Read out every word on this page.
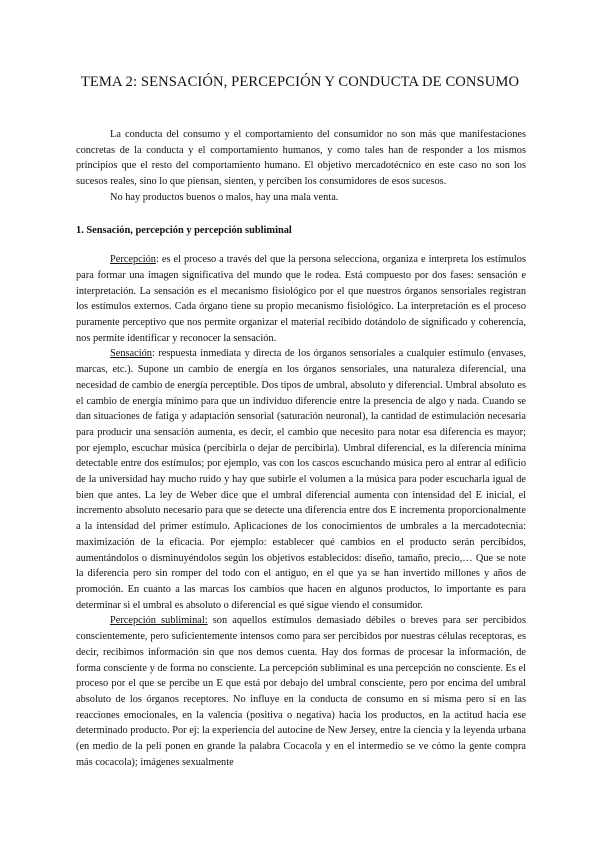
TEMA 2: SENSACIÓN, PERCEPCIÓN Y CONDUCTA DE CONSUMO

La conducta del consumo y el comportamiento del consumidor no son más que manifestaciones concretas de la conducta y el comportamiento humanos, y como tales han de responder a los mismos principios que el resto del comportamiento humano. El objetivo mercadotécnico en este caso no son los sucesos reales, sino lo que piensan, sienten, y perciben los consumidores de esos sucesos.

No hay productos buenos o malos, hay una mala venta.

1. Sensación, percepción y percepción subliminal

Percepción: es el proceso a través del que la persona selecciona, organiza e interpreta los estímulos para formar una imagen significativa del mundo que le rodea. Está compuesto por dos fases: sensación e interpretación. La sensación es el mecanismo fisiológico por el que nuestros órganos sensoriales registran los estímulos externos. Cada órgano tiene su propio mecanismo fisiológico. La interpretación es el proceso puramente perceptivo que nos permite organizar el material recibido dotándolo de significado y coherencia, nos permite identificar y reconocer la sensación.

Sensación: respuesta inmediata y directa de los órganos sensoriales a cualquier estímulo (envases, marcas, etc.). Supone un cambio de energía en los órganos sensoriales, una naturaleza diferencial, una necesidad de cambio de energía perceptible. Dos tipos de umbral, absoluto y diferencial. Umbral absoluto es el cambio de energía mínimo para que un individuo diferencie entre la presencia de algo y nada. Cuando se dan situaciones de fatiga y adaptación sensorial (saturación neuronal), la cantidad de estimulación necesaria para producir una sensación aumenta, es decir, el cambio que necesito para notar esa diferencia es mayor; por ejemplo, escuchar música (percibirla o dejar de percibirla). Umbral diferencial, es la diferencia mínima detectable entre dos estímulos; por ejemplo, vas con los cascos escuchando música pero al entrar al edificio de la universidad hay mucho ruido y hay que subirle el volumen a la música para poder escucharla igual de bien que antes. La ley de Weber dice que el umbral diferencial aumenta con intensidad del E inicial, el incremento absoluto necesario para que se detecte una diferencia entre dos E incrementa proporcionalmente a la intensidad del primer estímulo. Aplicaciones de los conocimientos de umbrales a la mercadotecnia: maximización de la eficacia. Por ejemplo: establecer qué cambios en el producto serán percibidos, aumentándolos o disminuyéndolos según los objetivos establecidos: diseño, tamaño, precio,… Que se note la diferencia pero sin romper del todo con el antiguo, en el que ya se han invertido millones y años de promoción. En cuanto a las marcas los cambios que hacen en algunos productos, lo importante es para determinar si el umbral es absoluto o diferencial es qué sigue viendo el consumidor.

Percepción subliminal: son aquellos estímulos demasiado débiles o breves para ser percibidos conscientemente, pero suficientemente intensos como para ser percibidos por nuestras células receptoras, es decir, recibimos información sin que nos demos cuenta. Hay dos formas de procesar la información, de forma consciente y de forma no consciente. La percepción subliminal es una percepción no consciente. Es el proceso por el que se percibe un E que está por debajo del umbral consciente, pero por encima del umbral absoluto de los órganos receptores. No influye en la conducta de consumo en sí misma pero sí en las reacciones emocionales, en la valencia (positiva o negativa) hacia los productos, en la actitud hacia ese determinado producto. Por ej: la experiencia del autocine de New Jersey, entre la ciencia y la leyenda urbana (en medio de la peli ponen en grande la palabra Cocacola y en el intermedio se ve cómo la gente compra más cocacola); imágenes sexualmente
